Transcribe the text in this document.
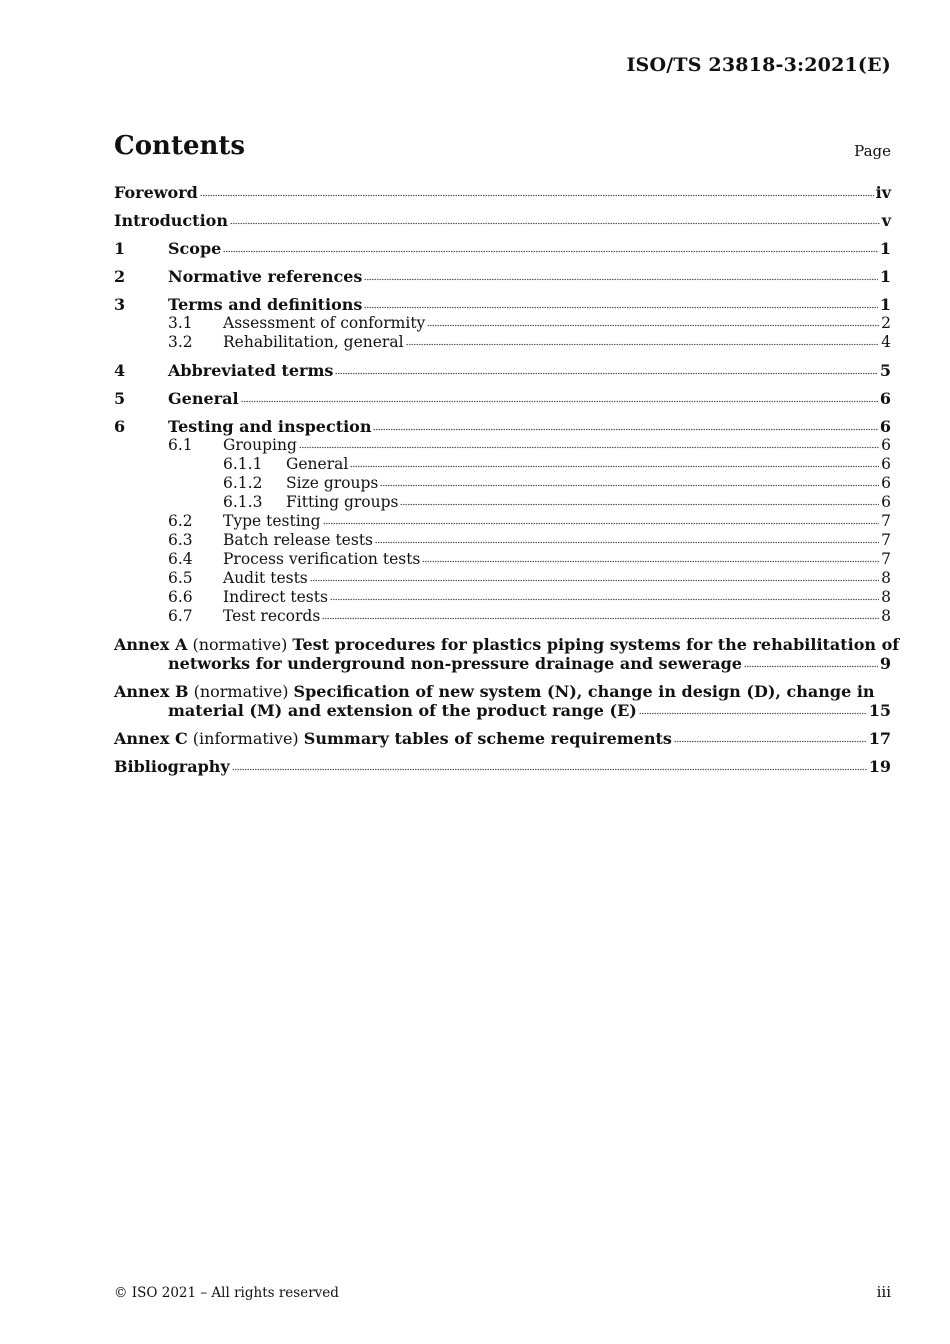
ISO/TS 23818-3:2021(E)
Contents	Page
Foreword	iv
Introduction	v
1	Scope	1
2	Normative references	1
3	Terms and definitions	1
3.1	Assessment of conformity	2
3.2	Rehabilitation, general	4
4	Abbreviated terms	5
5	General	6
6	Testing and inspection	6
6.1	Grouping	6
6.1.1	General	6
6.1.2	Size groups	6
6.1.3	Fitting groups	6
6.2	Type testing	7
6.3	Batch release tests	7
6.4	Process verification tests	7
6.5	Audit tests	8
6.6	Indirect tests	8
6.7	Test records	8
Annex A (normative) Test procedures for plastics piping systems for the rehabilitation of
networks for underground non-pressure drainage and sewerage	9
Annex B (normative) Specification of new system (N), change in design (D), change in
material (M) and extension of the product range (E)	15
Annex C (informative) Summary tables of scheme requirements	17
Bibliography	19
© ISO 2021 – All rights reserved	iii
